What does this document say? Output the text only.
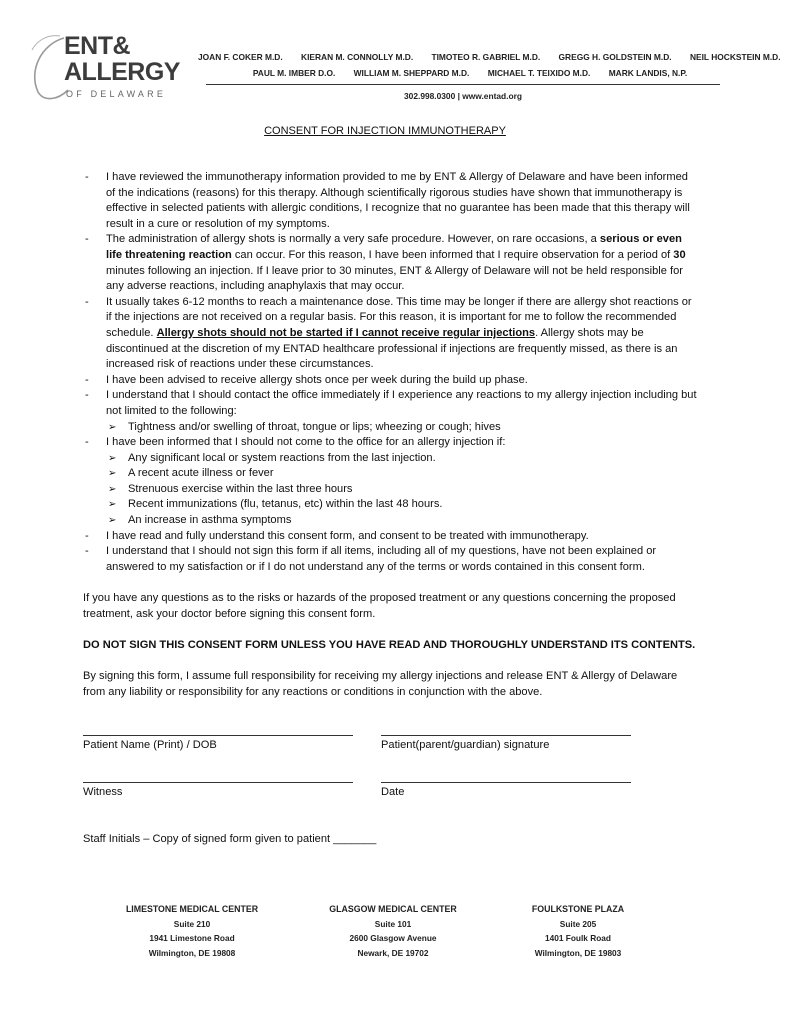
ENT&
ALLERGY
OF DELAWARE
JOAN F. COKER M.D. KIERAN M. CONNOLLY M.D. TIMOTEO R. GABRIEL M.D. GREGG H. GOLDSTEIN M.D. NEIL HOCKSTEIN M.D.
PAUL M. IMBER D.O. WILLIAM M. SHEPPARD M.D. MICHAEL T. TEIXIDO M.D. MARK LANDIS, N.P.
302.998.0300 | www.entad.org
CONSENT FOR INJECTION IMMUNOTHERAPY
- I have reviewed the immunotherapy information provided to me by ENT & Allergy of Delaware and have been informed of the indications (reasons) for this therapy. Although scientifically rigorous studies have shown that immunotherapy is effective in selected patients with allergic conditions, I recognize that no guarantee has been made that this therapy will result in a cure or resolution of my symptoms.
- The administration of allergy shots is normally a very safe procedure. However, on rare occasions, a serious or even life threatening reaction can occur. For this reason, I have been informed that I require observation for a period of 30 minutes following an injection. If I leave prior to 30 minutes, ENT & Allergy of Delaware will not be held responsible for any adverse reactions, including anaphylaxis that may occur.
- It usually takes 6-12 months to reach a maintenance dose. This time may be longer if there are allergy shot reactions or if the injections are not received on a regular basis. For this reason, it is important for me to follow the recommended schedule. Allergy shots should not be started if I cannot receive regular injections. Allergy shots may be discontinued at the discretion of my ENTAD healthcare professional if injections are frequently missed, as there is an increased risk of reactions under these circumstances.
- I have been advised to receive allergy shots once per week during the build up phase.
- I understand that I should contact the office immediately if I experience any reactions to my allergy injection including but not limited to the following:
➢ Tightness and/or swelling of throat, tongue or lips; wheezing or cough; hives
- I have been informed that I should not come to the office for an allergy injection if:
➢ Any significant local or system reactions from the last injection.
➢ A recent acute illness or fever
➢ Strenuous exercise within the last three hours
➢ Recent immunizations (flu, tetanus, etc) within the last 48 hours.
➢ An increase in asthma symptoms
- I have read and fully understand this consent form, and consent to be treated with immunotherapy.
- I understand that I should not sign this form if all items, including all of my questions, have not been explained or answered to my satisfaction or if I do not understand any of the terms or words contained in this consent form.
If you have any questions as to the risks or hazards of the proposed treatment or any questions concerning the proposed treatment, ask your doctor before signing this consent form.
DO NOT SIGN THIS CONSENT FORM UNLESS YOU HAVE READ AND THOROUGHLY UNDERSTAND ITS CONTENTS.
By signing this form, I assume full responsibility for receiving my allergy injections and release ENT & Allergy of Delaware from any liability or responsibility for any reactions or conditions in conjunction with the above.
Patient Name (Print) / DOB	Patient(parent/guardian) signature
Witness	Date
Staff Initials – Copy of signed form given to patient _______
LIMESTONE MEDICAL CENTER
Suite 210
1941 Limestone Road
Wilmington, DE 19808
GLASGOW MEDICAL CENTER
Suite 101
2600 Glasgow Avenue
Newark, DE 19702
FOULKSTONE PLAZA
Suite 205
1401 Foulk Road
Wilmington, DE 19803
